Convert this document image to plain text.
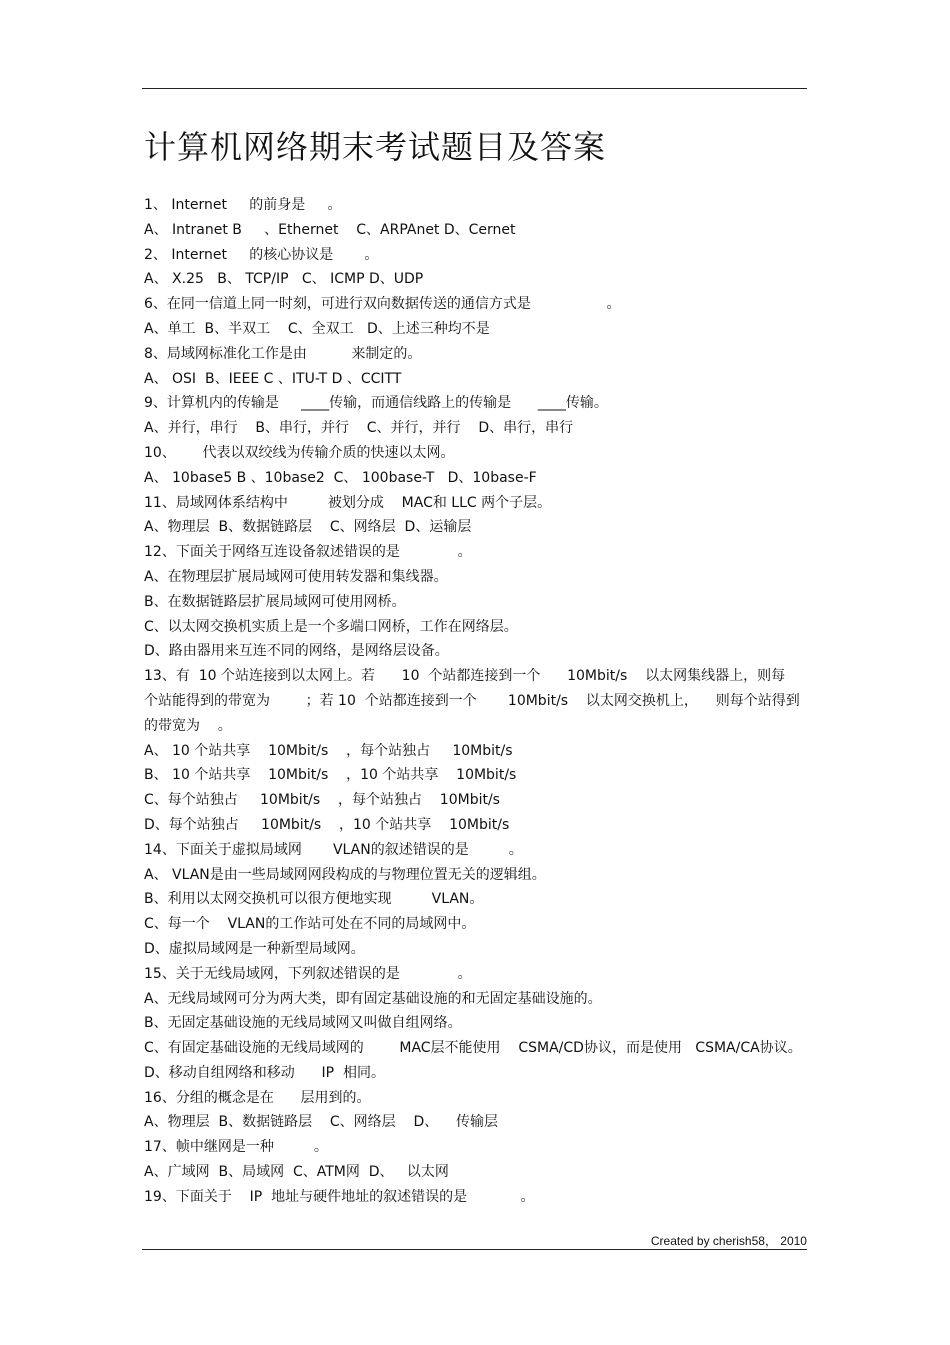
计算机网络期末考试题目及答案
1、 Internet     的前身是     。
A、 Intranet B     、Ethernet    C、ARPAnet D、Cernet
2、 Internet     的核心协议是       。
A、 X.25   B、 TCP/IP   C、 ICMP D、UDP
6、在同一信道上同一时刻，可进行双向数据传送的通信方式是                 。
A、单工  B、半双工    C、全双工   D、上述三种均不是
8、局域网标准化工作是由          来制定的。
A、 OSI  B、IEEE C 、ITU-T D 、CCITT
9、计算机内的传输是     ____传输，而通信线路上的传输是      ____传输。
A、并行，串行    B、串行，并行    C、并行，并行    D、串行，串行
10、      代表以双绞线为传输介质的快速以太网。
A、 10base5 B 、10base2  C、 100base-T   D、10base-F
11、局域网体系结构中         被划分成    MAC和 LLC 两个子层。
A、物理层  B、数据链路层    C、网络层  D、运输层
12、下面关于网络互连设备叙述错误的是             。
A、在物理层扩展局域网可使用转发器和集线器。
B、在数据链路层扩展局域网可使用网桥。
C、以太网交换机实质上是一个多端口网桥，工作在网络层。
D、路由器用来互连不同的网络，是网络层设备。
13、有  10 个站连接到以太网上。若      10  个站都连接到一个      10Mbit/s    以太网集线器上，则每
个站能得到的带宽为        ；若 10  个站都连接到一个       10Mbit/s    以太网交换机上，    则每个站得到
的带宽为    。
A、 10 个站共享    10Mbit/s    ，每个站独占     10Mbit/s
B、 10 个站共享    10Mbit/s    ，10 个站共享    10Mbit/s
C、每个站独占     10Mbit/s    ，每个站独占    10Mbit/s
D、每个站独占     10Mbit/s    ，10 个站共享    10Mbit/s
14、下面关于虚拟局域网       VLAN的叙述错误的是         。
A、 VLAN是由一些局域网网段构成的与物理位置无关的逻辑组。
B、利用以太网交换机可以很方便地实现         VLAN。
C、每一个    VLAN的工作站可处在不同的局域网中。
D、虚拟局域网是一种新型局域网。
15、关于无线局域网，下列叙述错误的是             。
A、无线局域网可分为两大类，即有固定基础设施的和无固定基础设施的。
B、无固定基础设施的无线局域网又叫做自组网络。
C、有固定基础设施的无线局域网的        MAC层不能使用    CSMA/CD协议，而是使用   CSMA/CA协议。
D、移动自组网络和移动      IP  相同。
16、分组的概念是在      层用到的。
A、物理层  B、数据链路层    C、网络层    D、    传输层
17、帧中继网是一种         。
A、广域网  B、局域网  C、ATM网  D、   以太网
19、下面关于    IP  地址与硬件地址的叙述错误的是            。
Created by cherish58， 2010
